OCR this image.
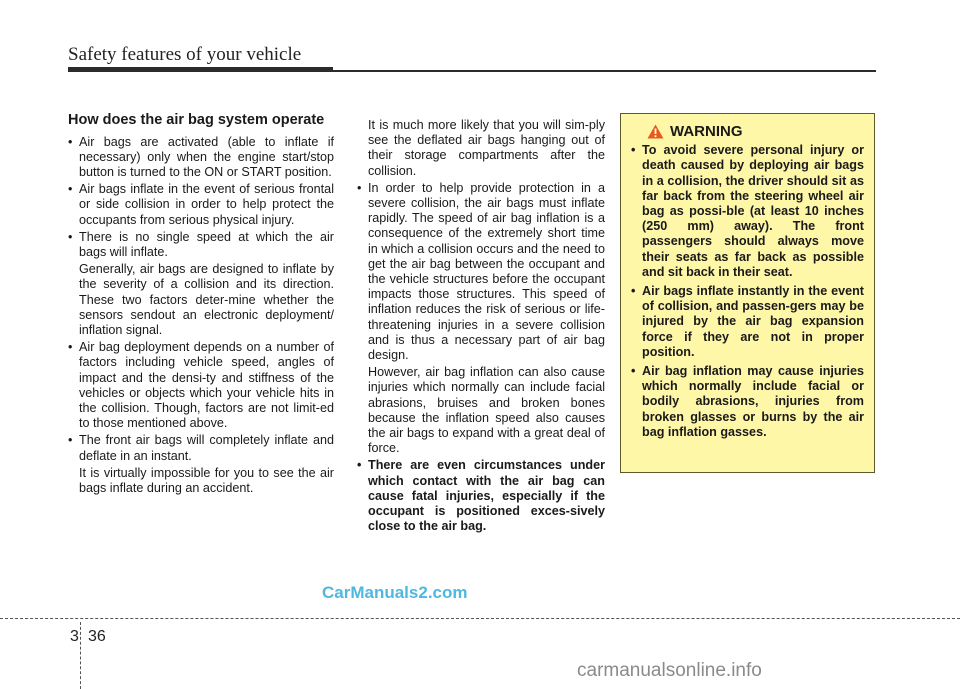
Safety features of your vehicle
How does the air bag system operate

• Air bags are activated (able to inflate if necessary) only when the engine start/stop button is turned to the ON or START position.

• Air bags inflate in the event of serious frontal or side collision in order to help protect the occupants from serious physical injury.

• There is no single speed at which the air bags will inflate.

Generally, air bags are designed to inflate by the severity of a collision and its direction. These two factors deter-mine whether the sensors sendout an electronic deployment/ inflation signal.

• Air bag deployment depends on a number of factors including vehicle speed, angles of impact and the densi-ty and stiffness of the vehicles or objects which your vehicle hits in the collision. Though, factors are not limit-ed to those mentioned above.

• The front air bags will completely inflate and deflate in an instant.

It is virtually impossible for you to see the air bags inflate during an accident.

It is much more likely that you will sim-ply see the deflated air bags hanging out of their storage compartments after the collision.

• In order to help provide protection in a severe collision, the air bags must inflate rapidly. The speed of air bag inflation is a consequence of the extremely short time in which a collision occurs and the need to get the air bag between the occupant and the vehicle structures before the occupant impacts those structures. This speed of inflation reduces the risk of serious or life-threatening injuries in a severe collision and is thus a necessary part of air bag design.

However, air bag inflation can also cause injuries which normally can include facial abrasions, bruises and broken bones because the inflation speed also causes the air bags to expand with a great deal of force.

• There are even circumstances under which contact with the air bag can cause fatal injuries, especially if the occupant is positioned exces-sively close to the air bag.

WARNING
• To avoid severe personal injury or death caused by deploying air bags in a collision, the driver should sit as far back from the steering wheel air bag as possi-ble (at least 10 inches (250 mm) away). The front passengers should always move their seats as far back as possible and sit back in their seat.
• Air bags inflate instantly in the event of collision, and passen-gers may be injured by the air bag expansion force if they are not in proper position.
• Air bag inflation may cause injuries which normally include facial or bodily abrasions, injuries from broken glasses or burns by the air bag inflation gasses.
CarManuals2.com
3 36
carmanualsonline.info
